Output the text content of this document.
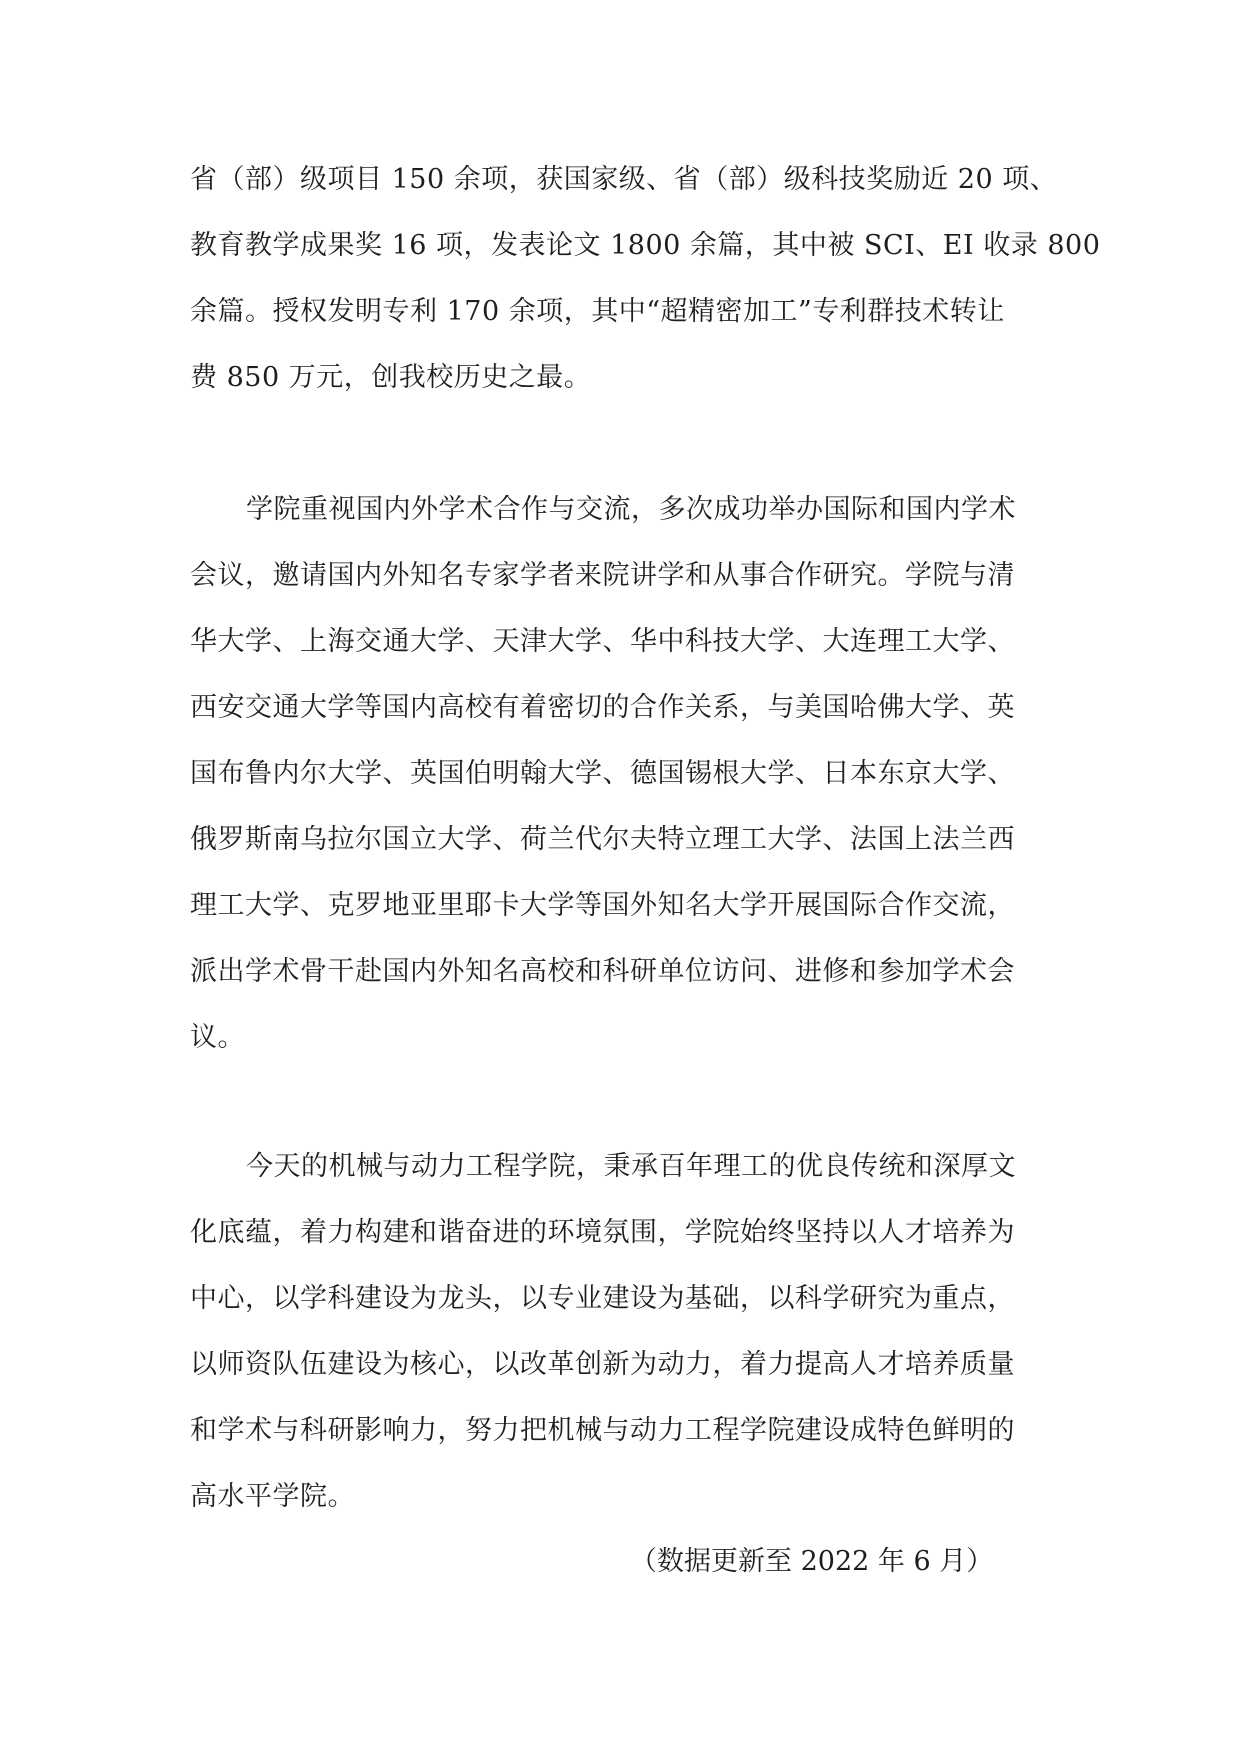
省（部）级项目 150 余项，获国家级、省（部）级科技奖励近 20 项、
教育教学成果奖 16 项，发表论文 1800 余篇，其中被 SCI、EI 收录 800
余篇。授权发明专利 170 余项，其中“超精密加工”专利群技术转让
费 850 万元，创我校历史之最。
学院重视国内外学术合作与交流，多次成功举办国际和国内学术
会议，邀请国内外知名专家学者来院讲学和从事合作研究。学院与清
华大学、上海交通大学、天津大学、华中科技大学、大连理工大学、
西安交通大学等国内高校有着密切的合作关系，与美国哈佛大学、英
国布鲁内尔大学、英国伯明翰大学、德国锡根大学、日本东京大学、
俄罗斯南乌拉尔国立大学、荷兰代尔夫特立理工大学、法国上法兰西
理工大学、克罗地亚里耶卡大学等国外知名大学开展国际合作交流，
派出学术骨干赴国内外知名高校和科研单位访问、进修和参加学术会
议。
今天的机械与动力工程学院，秉承百年理工的优良传统和深厚文
化底蕴，着力构建和谐奋进的环境氛围，学院始终坚持以人才培养为
中心，以学科建设为龙头，以专业建设为基础，以科学研究为重点，
以师资队伍建设为核心，以改革创新为动力，着力提高人才培养质量
和学术与科研影响力，努力把机械与动力工程学院建设成特色鲜明的
高水平学院。
（数据更新至 2022 年 6 月）
